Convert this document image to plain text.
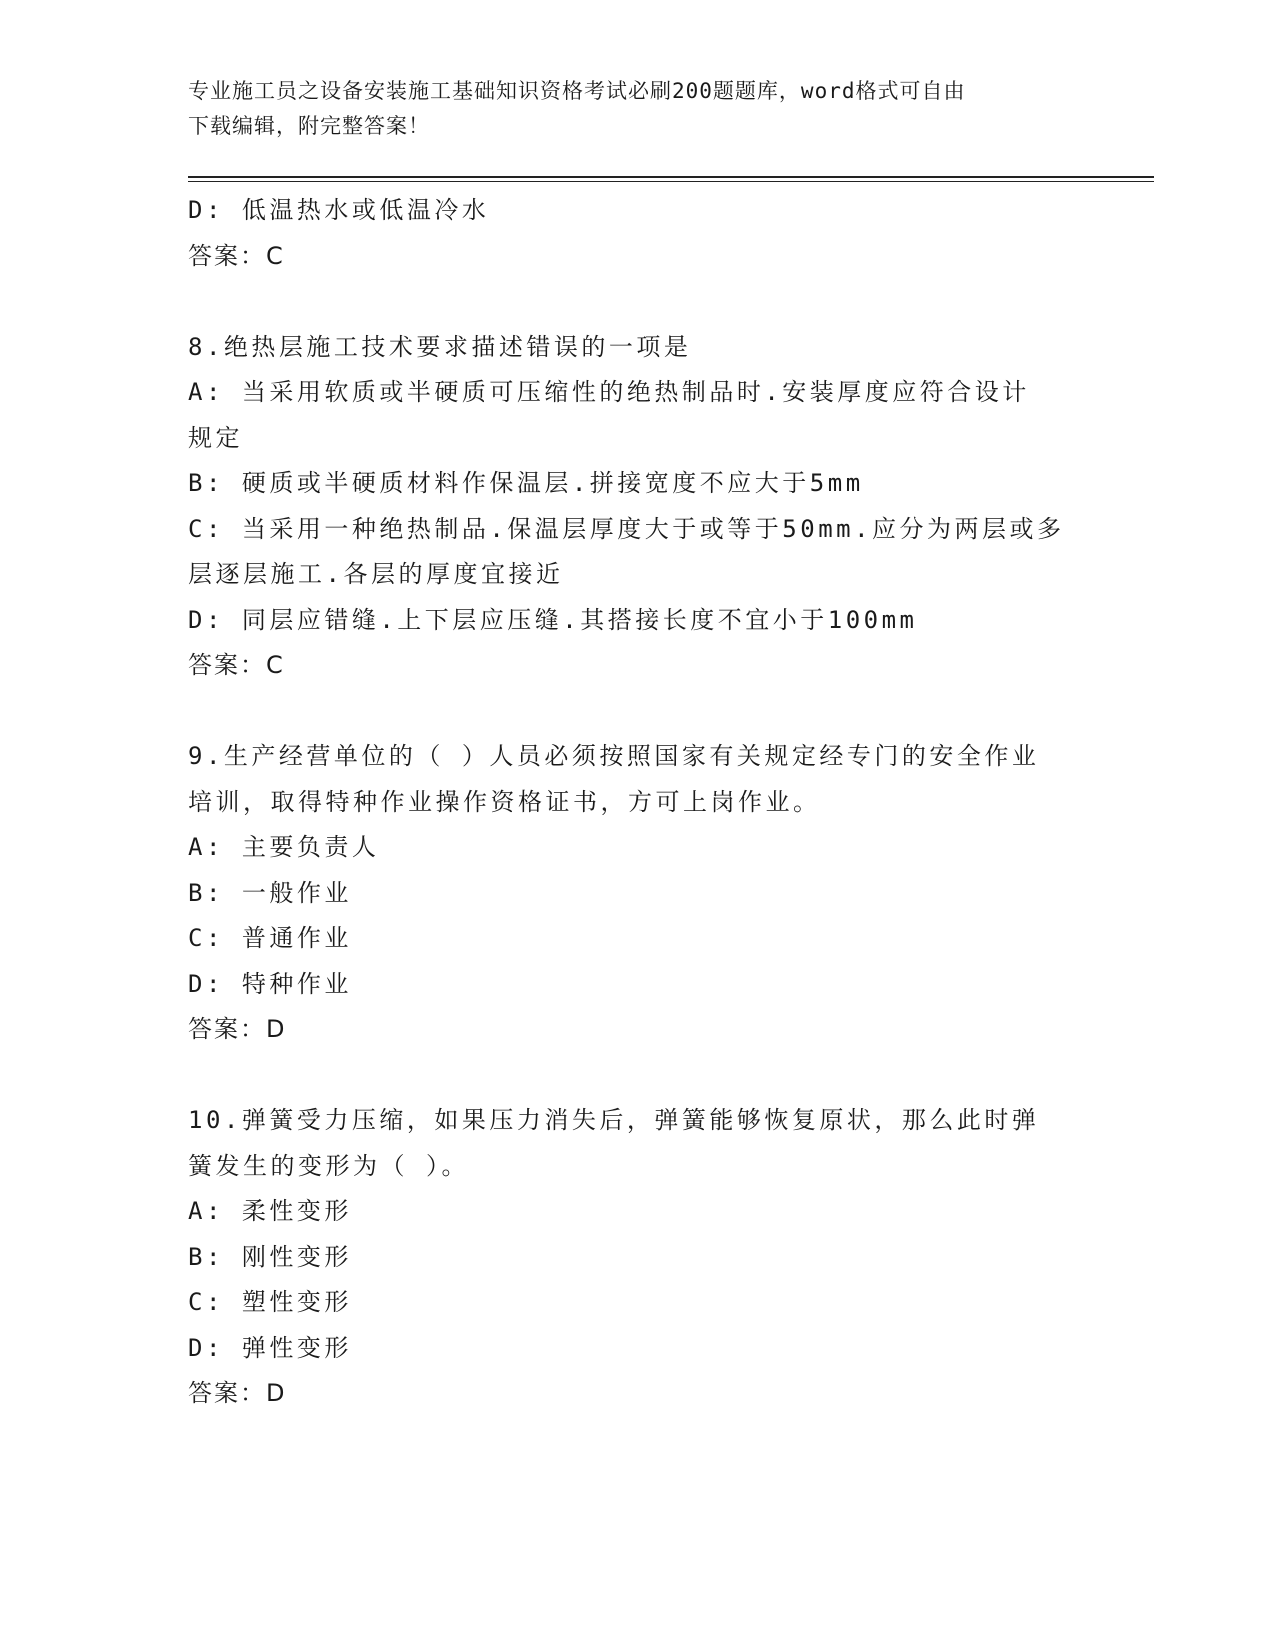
专业施工员之设备安装施工基础知识资格考试必刷200题题库，word格式可自由
下载编辑，附完整答案！
D: 低温热水或低温冷水
答案：C
8.绝热层施工技术要求描述错误的一项是
A: 当采用软质或半硬质可压缩性的绝热制品时.安装厚度应符合设计
规定
B: 硬质或半硬质材料作保温层.拼接宽度不应大于5mm
C: 当采用一种绝热制品.保温层厚度大于或等于50mm.应分为两层或多
层逐层施工.各层的厚度宜接近
D: 同层应错缝.上下层应压缝.其搭接长度不宜小于100mm
答案：C
9.生产经营单位的（ ）人员必须按照国家有关规定经专门的安全作业
培训，取得特种作业操作资格证书，方可上岗作业。
A: 主要负责人
B: 一般作业
C: 普通作业
D: 特种作业
答案：D
10.弹簧受力压缩，如果压力消失后，弹簧能够恢复原状，那么此时弹
簧发生的变形为（ ）。
A: 柔性变形
B: 刚性变形
C: 塑性变形
D: 弹性变形
答案：D
